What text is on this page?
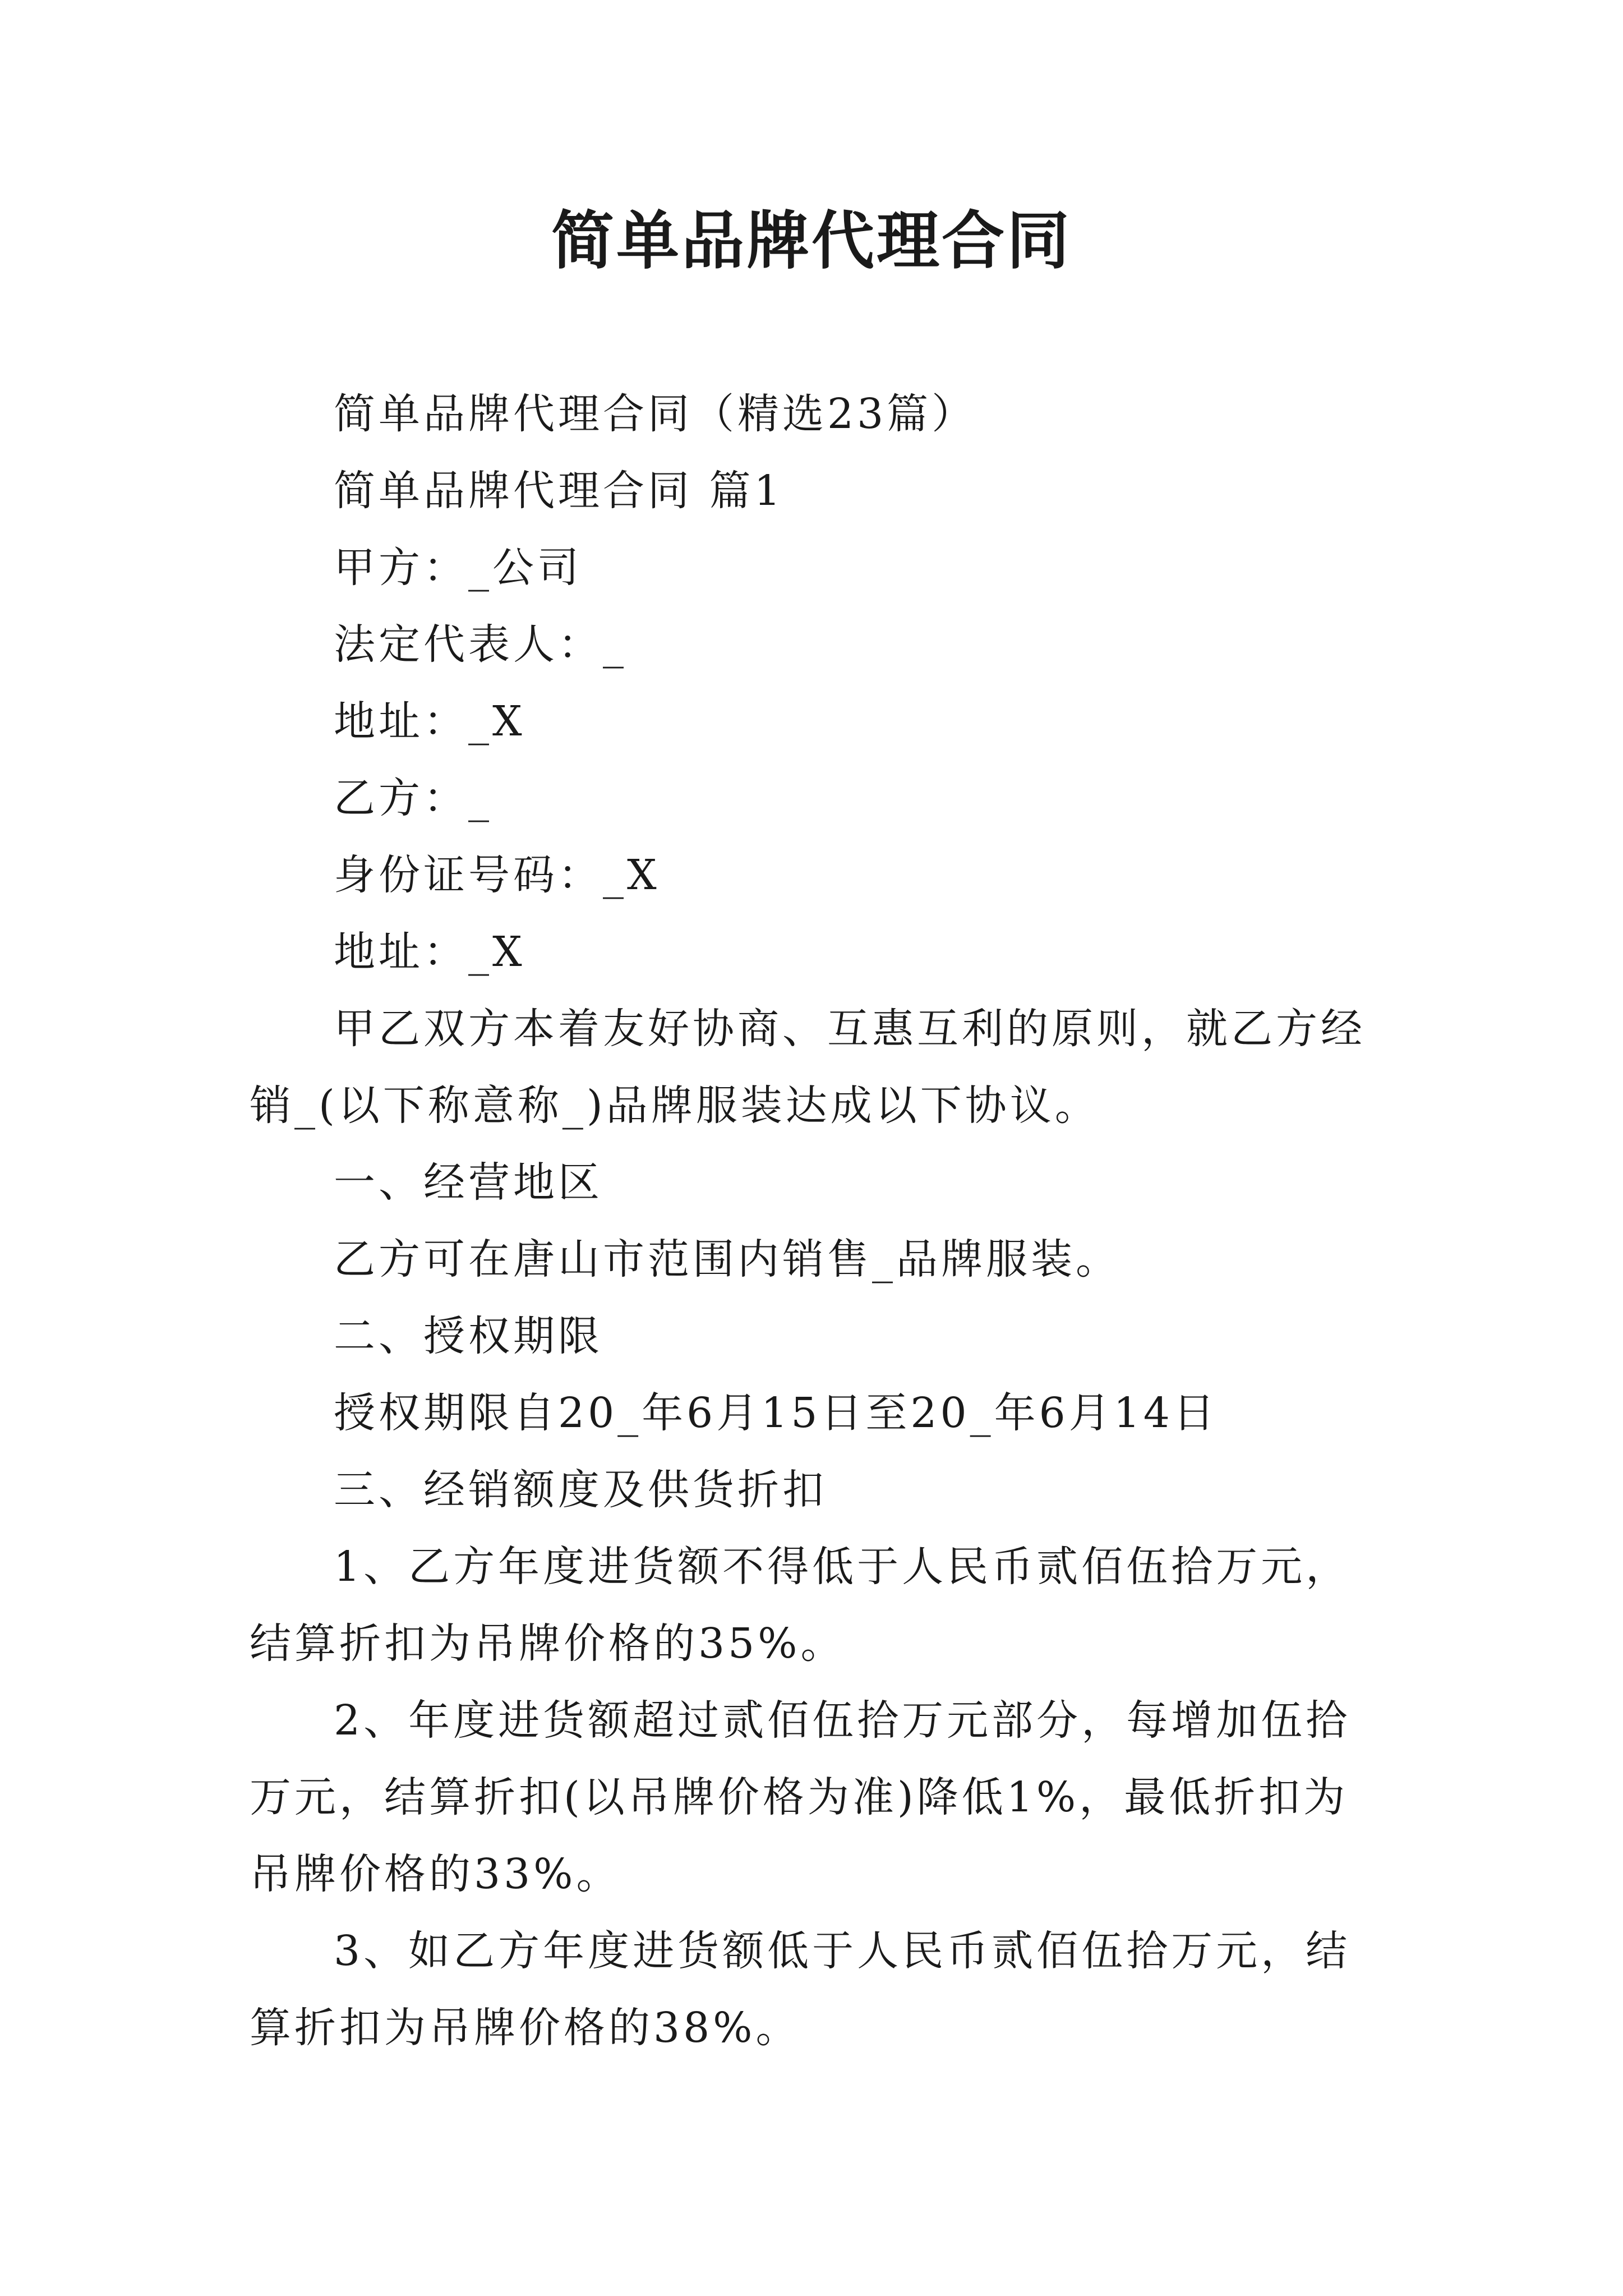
简单品牌代理合同

简单品牌代理合同（精选23篇）

简单品牌代理合同 篇1

甲方：_公司

法定代表人：_

地址：_X

乙方：_

身份证号码：_X

地址：_X

甲乙双方本着友好协商、互惠互利的原则，就乙方经销_(以下称意称_)品牌服装达成以下协议。

一、经营地区

乙方可在唐山市范围内销售_品牌服装。

二、授权期限

授权期限自20_年6月15日至20_年6月14日

三、经销额度及供货折扣

1、乙方年度进货额不得低于人民币贰佰伍拾万元，结算折扣为吊牌价格的35%。

2、年度进货额超过贰佰伍拾万元部分，每增加伍拾万元，结算折扣(以吊牌价格为准)降低1%，最低折扣为吊牌价格的33%。

3、如乙方年度进货额低于人民币贰佰伍拾万元，结算折扣为吊牌价格的38%。
